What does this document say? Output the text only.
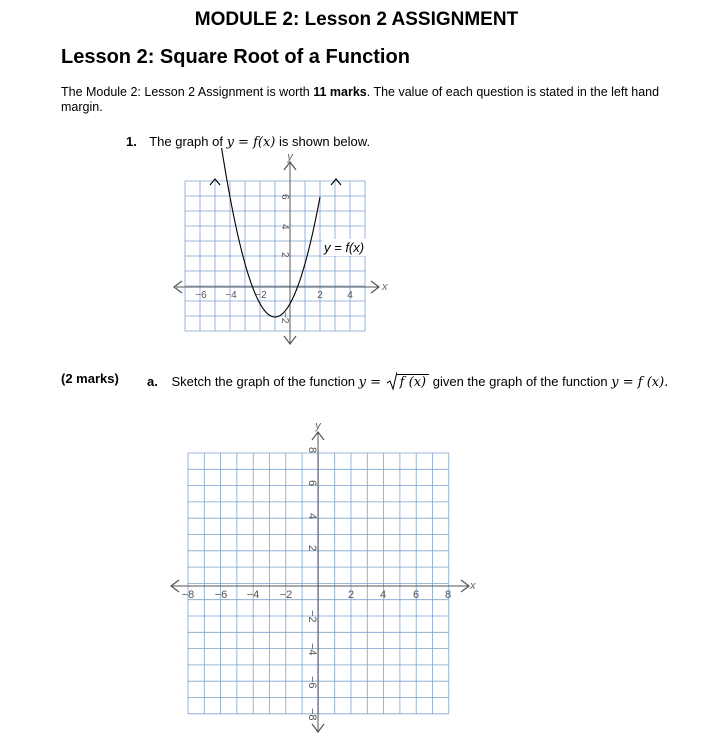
MODULE 2: Lesson 2 ASSIGNMENT
Lesson 2: Square Root of a Function
The Module 2: Lesson 2 Assignment is worth 11 marks. The value of each question is stated in the left hand margin.
1. The graph of y = f(x) is shown below.
y
x
−6 −4 −2	2 4
6
4
2
−2
y = f(x)
(2 marks) a. Sketch the graph of the function y = f (x) given the graph of the function y = f (x).
y
x
−8 −6 −4 −2	2 4 6 8
8
6
4
2
−2
−4
−6
−8
